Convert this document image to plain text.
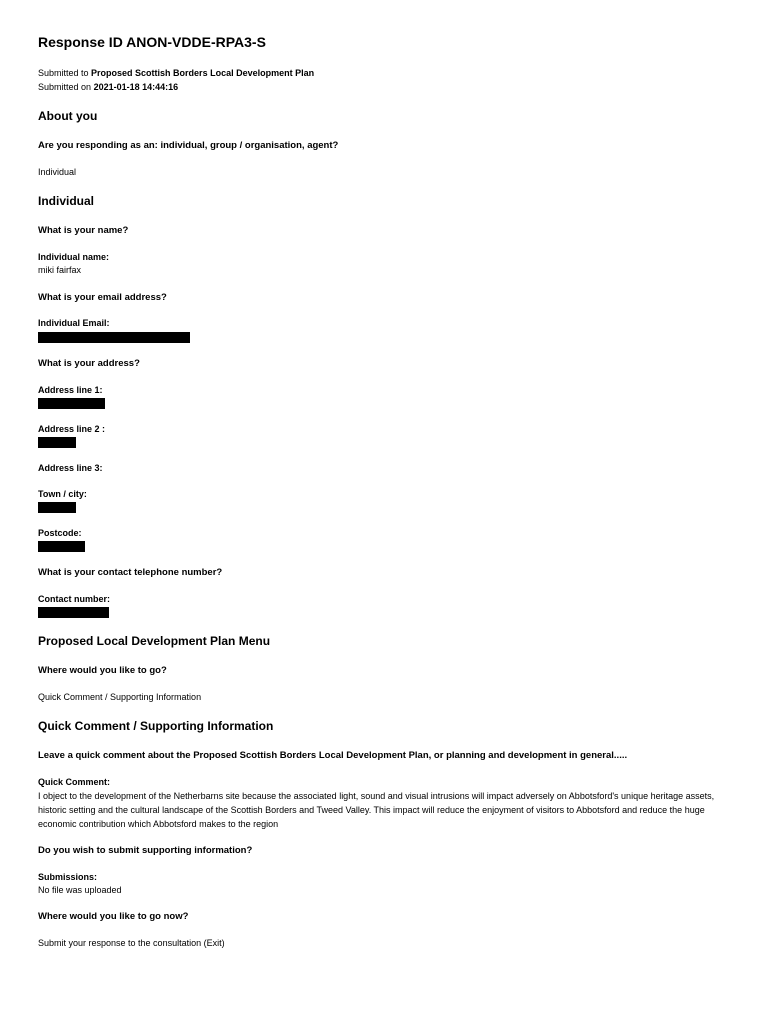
Response ID ANON-VDDE-RPA3-S
Submitted to Proposed Scottish Borders Local Development Plan
Submitted on 2021-01-18 14:44:16
About you
Are you responding as an: individual, group / organisation, agent?
Individual
Individual
What is your name?
Individual name:
miki fairfax
What is your email address?
Individual Email:
What is your address?
Address line 1:
Address line 2 :
Address line 3:
Town / city:
Postcode:
What is your contact telephone number?
Contact number:
Proposed Local Development Plan Menu
Where would you like to go?
Quick Comment / Supporting Information
Quick Comment / Supporting Information
Leave a quick comment about the Proposed Scottish Borders Local Development Plan, or planning and development in general.....
Quick Comment:
I object to the development of the Netherbarns site because the associated light, sound and visual intrusions will impact adversely on Abbotsford's unique heritage assets, historic setting and the cultural landscape of the Scottish Borders and Tweed Valley. This impact will reduce the enjoyment of visitors to Abbotsford and reduce the huge economic contribution which Abbotsford makes to the region
Do you wish to submit supporting information?
Submissions:
No file was uploaded
Where would you like to go now?
Submit your response to the consultation (Exit)
